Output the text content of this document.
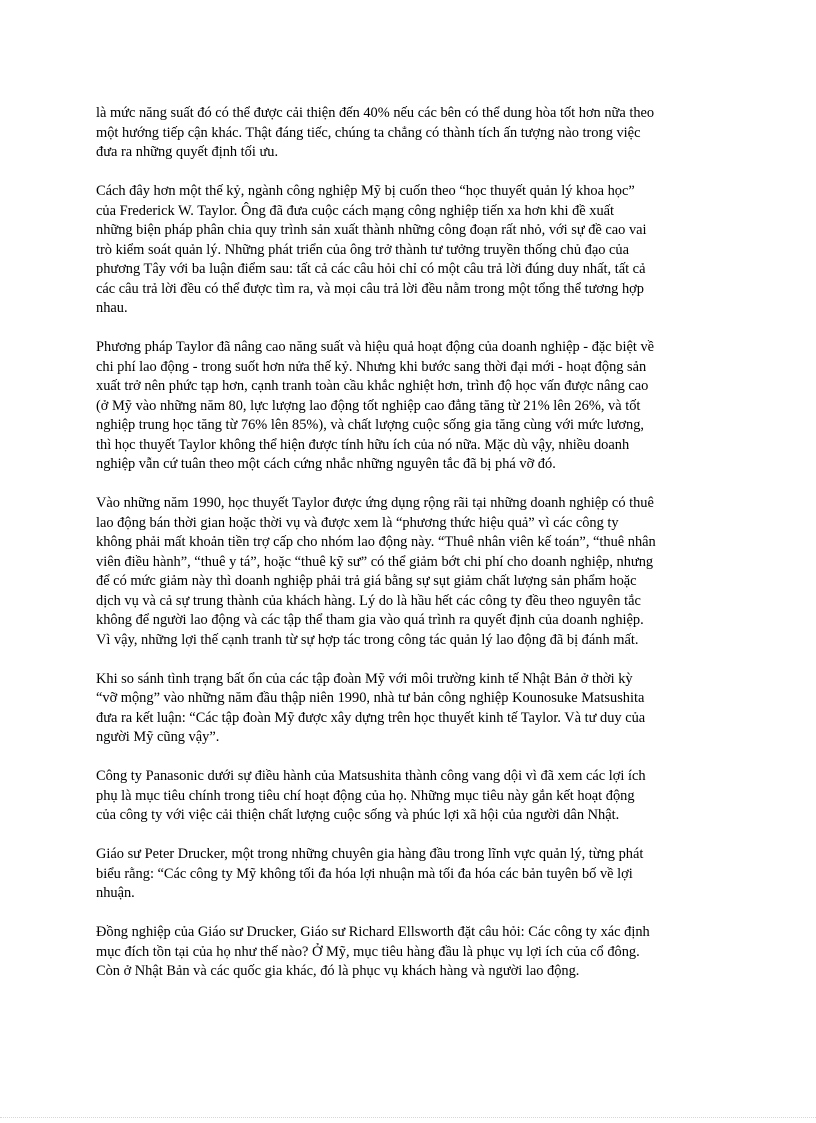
là mức năng suất đó có thể được cải thiện đến 40% nếu các bên có thể dung hòa tốt hơn nữa theo
một hướng tiếp cận khác. Thật đáng tiếc, chúng ta chẳng có thành tích ấn tượng nào trong việc
đưa ra những quyết định tối ưu.

Cách đây hơn một thế kỷ, ngành công nghiệp Mỹ bị cuốn theo “học thuyết quản lý khoa học”
của Frederick W. Taylor. Ông đã đưa cuộc cách mạng công nghiệp tiến xa hơn khi đề xuất
những biện pháp phân chia quy trình sản xuất thành những công đoạn rất nhỏ, với sự đề cao vai
trò kiểm soát quản lý. Những phát triển của ông trở thành tư tưởng truyền thống chủ đạo của
phương Tây với ba luận điểm sau: tất cả các câu hỏi chỉ có một câu trả lời đúng duy nhất, tất cả
các câu trả lời đều có thể được tìm ra, và mọi câu trả lời đều nằm trong một tổng thể tương hợp
nhau.

Phương pháp Taylor đã nâng cao năng suất và hiệu quả hoạt động của doanh nghiệp - đặc biệt về
chi phí lao động - trong suốt hơn nửa thế kỷ. Nhưng khi bước sang thời đại mới - hoạt động sản
xuất trở nên phức tạp hơn, cạnh tranh toàn cầu khắc nghiệt hơn, trình độ học vấn được nâng cao
(ở Mỹ vào những năm 80, lực lượng lao động tốt nghiệp cao đẳng tăng từ 21% lên 26%, và tốt
nghiệp trung học tăng từ 76% lên 85%), và chất lượng cuộc sống gia tăng cùng với mức lương,
thì học thuyết Taylor không thể hiện được tính hữu ích của nó nữa. Mặc dù vậy, nhiều doanh
nghiệp vẫn cứ tuân theo một cách cứng nhắc những nguyên tắc đã bị phá vỡ đó.

Vào những năm 1990, học thuyết Taylor được ứng dụng rộng rãi tại những doanh nghiệp có thuê
lao động bán thời gian hoặc thời vụ và được xem là “phương thức hiệu quả” vì các công ty
không phải mất khoản tiền trợ cấp cho nhóm lao động này. “Thuê nhân viên kế toán”, “thuê nhân
viên điều hành”, “thuê y tá”, hoặc “thuê kỹ sư” có thể giảm bớt chi phí cho doanh nghiệp, nhưng
để có mức giảm này thì doanh nghiệp phải trả giá bằng sự sụt giảm chất lượng sản phẩm hoặc
dịch vụ và cả sự trung thành của khách hàng. Lý do là hầu hết các công ty đều theo nguyên tắc
không để người lao động và các tập thể tham gia vào quá trình ra quyết định của doanh nghiệp.
Vì vậy, những lợi thế cạnh tranh từ sự hợp tác trong công tác quản lý lao động đã bị đánh mất.

Khi so sánh tình trạng bất ổn của các tập đoàn Mỹ với môi trường kinh tế Nhật Bản ở thời kỳ
“vỡ mộng” vào những năm đầu thập niên 1990, nhà tư bản công nghiệp Kounosuke Matsushita
đưa ra kết luận: “Các tập đoàn Mỹ được xây dựng trên học thuyết kinh tế Taylor. Và tư duy của
người Mỹ cũng vậy”.

Công ty Panasonic dưới sự điều hành của Matsushita thành công vang dội vì đã xem các lợi ích
phụ là mục tiêu chính trong tiêu chí hoạt động của họ. Những mục tiêu này gắn kết hoạt động
của công ty với việc cải thiện chất lượng cuộc sống và phúc lợi xã hội của người dân Nhật.

Giáo sư Peter Drucker, một trong những chuyên gia hàng đầu trong lĩnh vực quản lý, từng phát
biểu rằng: “Các công ty Mỹ không tối đa hóa lợi nhuận mà tối đa hóa các bản tuyên bố về lợi
nhuận.

Đồng nghiệp của Giáo sư Drucker, Giáo sư Richard Ellsworth đặt câu hỏi: Các công ty xác định
mục đích tồn tại của họ như thế nào? Ở Mỹ, mục tiêu hàng đầu là phục vụ lợi ích của cổ đông.
Còn ở Nhật Bản và các quốc gia khác, đó là phục vụ khách hàng và người lao động.
